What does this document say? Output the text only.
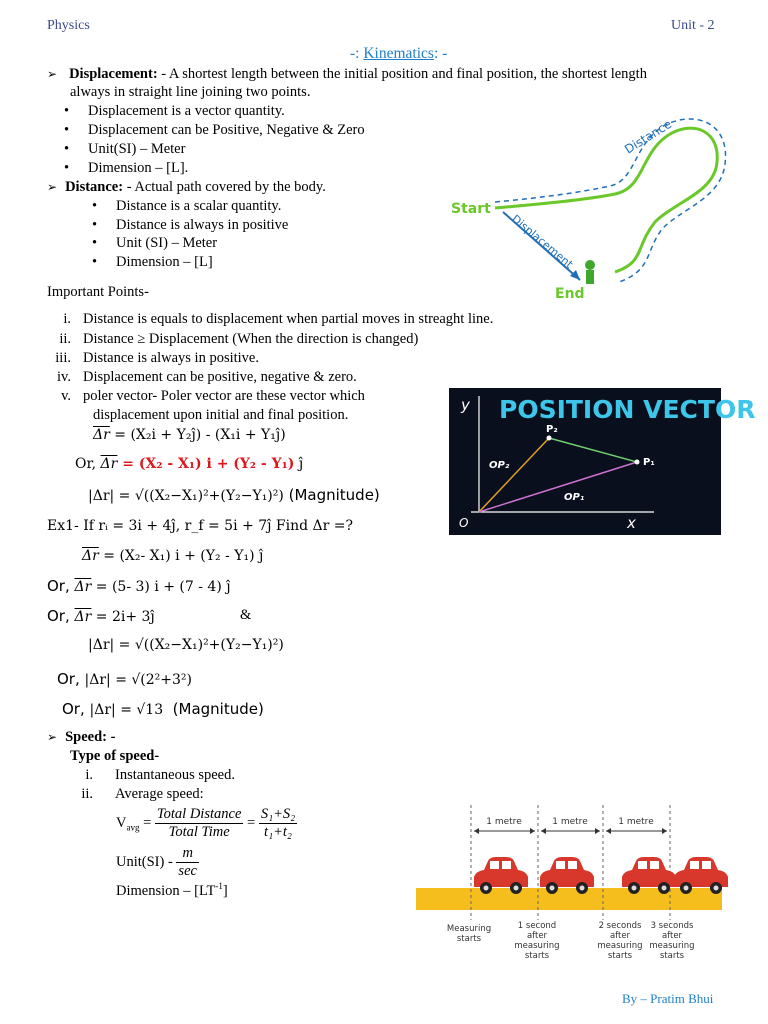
Physics	Unit - 2
-: Kinematics: -
➢ Displacement: - A shortest length between the initial position and final position, the shortest length
always in straight line joining two points.
• Displacement is a vector quantity.
• Displacement can be Positive, Negative & Zero
• Unit(SI) – Meter
• Dimension – [L].
➢ Distance: - Actual path covered by the body.
• Distance is a scalar quantity.
• Distance is always in positive
• Unit (SI) – Meter
• Dimension – [L]
Start
End
Distance
Displacement
Important Points-
i. Distance is equals to displacement when partial moves in streaght line.
ii. Distance ≥ Displacement (When the direction is changed)
iii. Distance is always in positive.
iv. Displacement can be positive, negative & zero.
v. poler vector- Poler vector are these vector which
displacement upon initial and final position.	POSITION VECTOR
y
x
O
P₂
P₁
OP₂
OP₁
$\overline{\Delta r} = (X_2i$ + Y₂ĵ) - (X₁i + Y₁ĵ)
Or, $\overline{\Delta r} = (X_2 - X_1) i + (Y_2 - Y_1)$ ĵ
|Δr| = √((X₂−X₁)²+(Y₂−Y₁)²) (Magnitude)
Ex1- If rᵢ = 3i + 4ĵ, r_f = 5i + 7ĵ Find Δr =?
$\overline{\Delta r} = (X_2-$ X₁) i + (Y₂ - Y₁) ĵ
Or, $\overline{\Delta r} = (5-$ 3) i + (7 - 4) ĵ
Or, $\overline{\Delta r} = 2i+$ 3ĵ	&
|Δr| = √((X₂−X₁)²+(Y₂−Y₁)²)
Or, |Δr| = √(2²+3²)
Or, |Δr| = √13 (Magnitude)
➢ Speed: -
Type of speed-
i. Instantaneous speed.
ii. Average speed:
$V_{avg} = \frac{\text{Total Distance}}{\text{Total Time}} = \frac{\text{S₁+S₂}}{\text{t₁+t₂}}$
Unit(SI) - $\frac{m}{\sec}$
Dimension – $[LT^{-1}]$
1 metre	1 metre	1 metre
Measuring
starts
1 second
after
measuring
starts
2 seconds
after
measuring
starts
3 seconds
after
measuring
starts
By – Pratim Bhui
